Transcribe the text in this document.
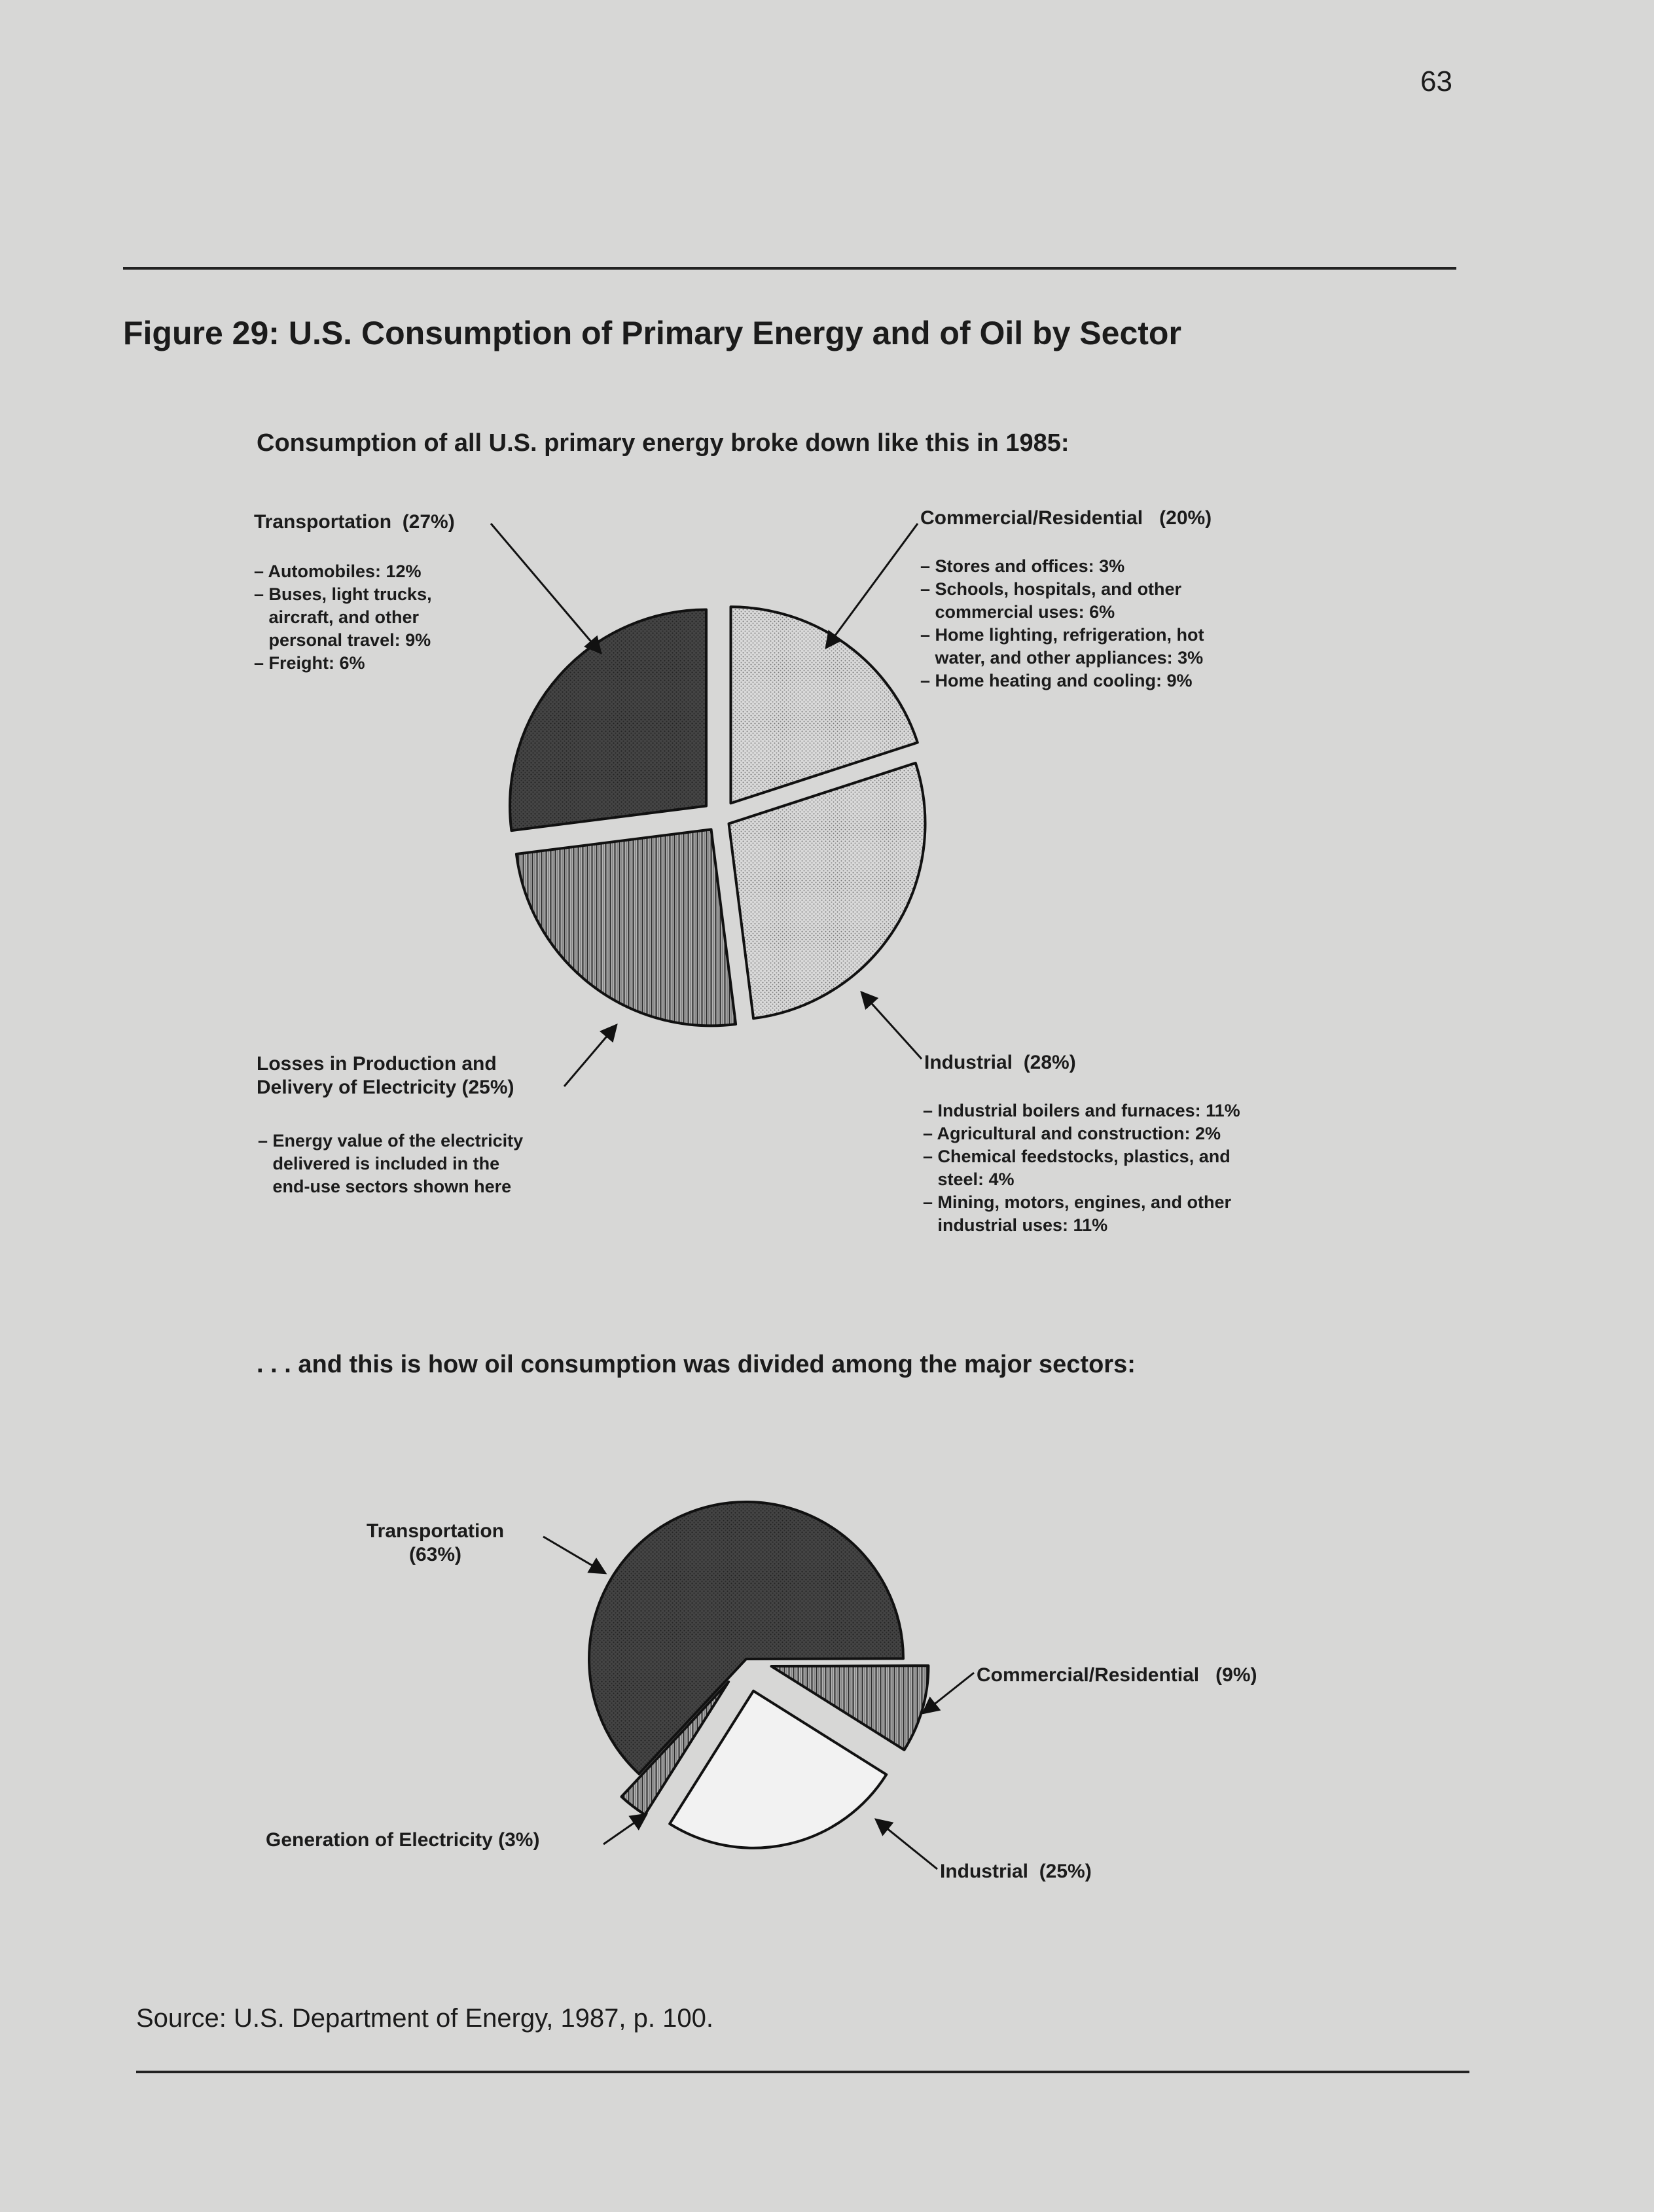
63
Figure 29: U.S. Consumption of Primary Energy and of Oil by Sector
Consumption of all U.S. primary energy broke down like this in 1985:
Transportation (27%)
– Automobiles: 12%
– Buses, light trucks,
aircraft, and other
personal travel: 9%
– Freight: 6%
Commercial/Residential (20%)
– Stores and offices: 3%
– Schools, hospitals, and other
commercial uses: 6%
– Home lighting, refrigeration, hot
water, and other appliances: 3%
– Home heating and cooling: 9%
Industrial (28%)
– Industrial boilers and furnaces: 11%
– Agricultural and construction: 2%
– Chemical feedstocks, plastics, and
steel: 4%
– Mining, motors, engines, and other
industrial uses: 11%
Losses in Production and
Delivery of Electricity (25%)
– Energy value of the electricity
delivered is included in the
end-use sectors shown here
. . . and this is how oil consumption was divided among the major sectors:
Transportation
(63%)
Commercial/Residential (9%)
Industrial (25%)
Generation of Electricity (3%)
Source: U.S. Department of Energy, 1987, p. 100.
